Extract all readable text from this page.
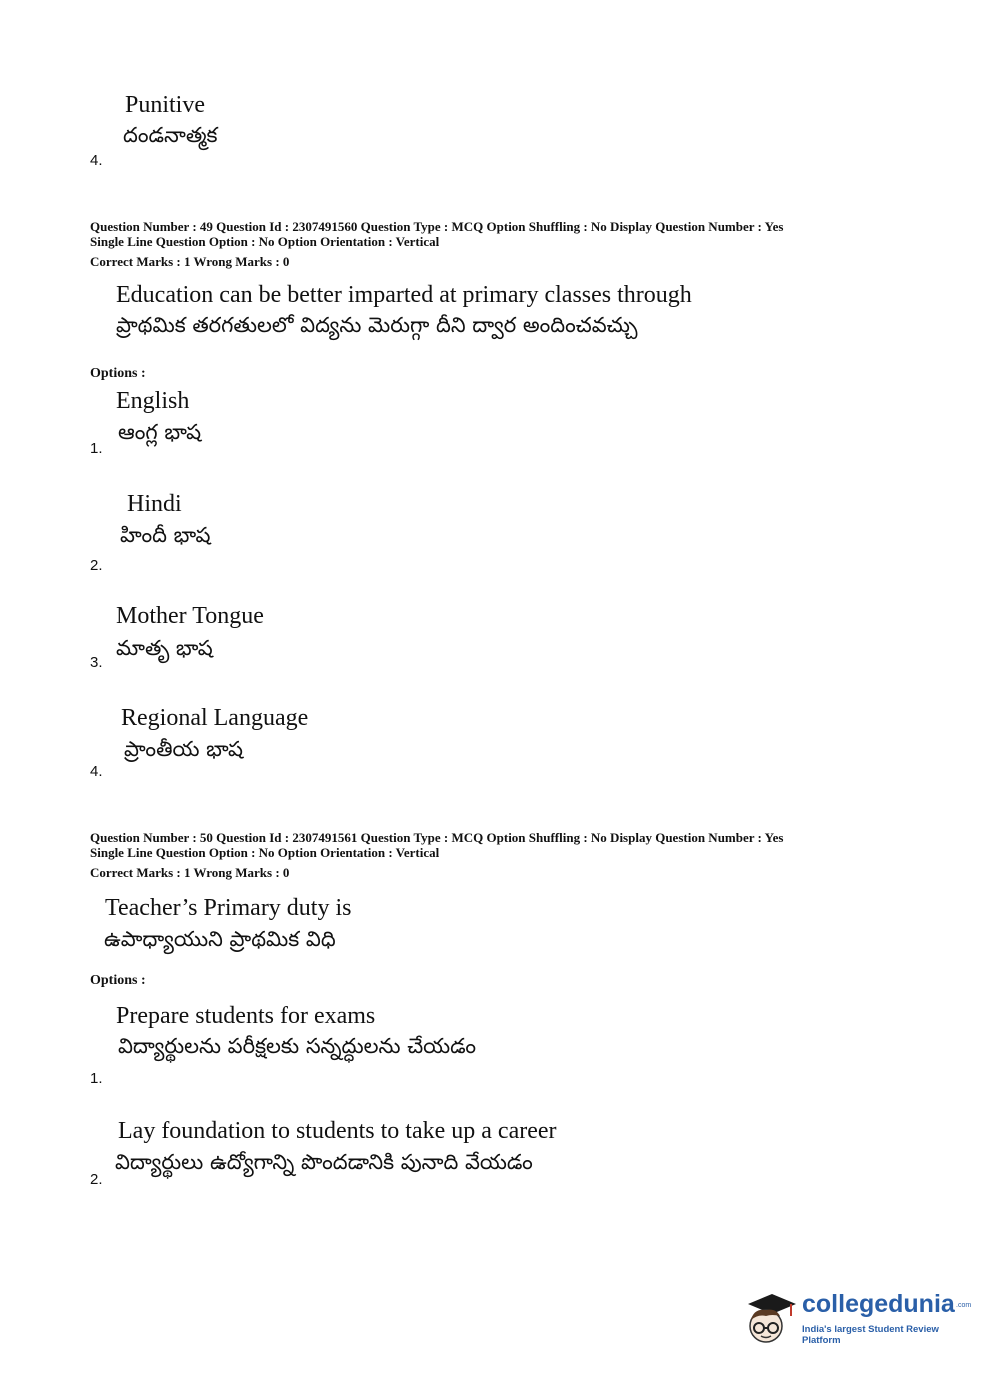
Punitive
దండనాత్మక
4.
Question Number : 49 Question Id : 2307491560 Question Type : MCQ Option Shuffling : No Display Question Number : Yes
Single Line Question Option : No Option Orientation : Vertical
Correct Marks : 1 Wrong Marks : 0
Education can be better imparted at primary classes through
ప్రాథమిక తరగతులలో విద్యను మెరుగ్గా దీని ద్వార అందించవచ్చు
Options :
English
ఆంగ్ల భాష
1.
Hindi
హిందీ భాష
2.
Mother Tongue
మాతృ భాష
3.
Regional Language
ప్రాంతీయ భాష
4.
Question Number : 50 Question Id : 2307491561 Question Type : MCQ Option Shuffling : No Display Question Number : Yes
Single Line Question Option : No Option Orientation : Vertical
Correct Marks : 1 Wrong Marks : 0
Teacher’s Primary duty is
ఉపాధ్యాయుని ప్రాథమిక విధి
Options :
Prepare students for exams
విద్యార్థులను పరీక్షలకు సన్నద్ధులను చేయడం
1.
Lay foundation to students to take up a career
విద్యార్థులు ఉద్యోగాన్ని పొందడానికి పునాది వేయడం
2.
collegedunia .com
India's largest Student Review Platform
